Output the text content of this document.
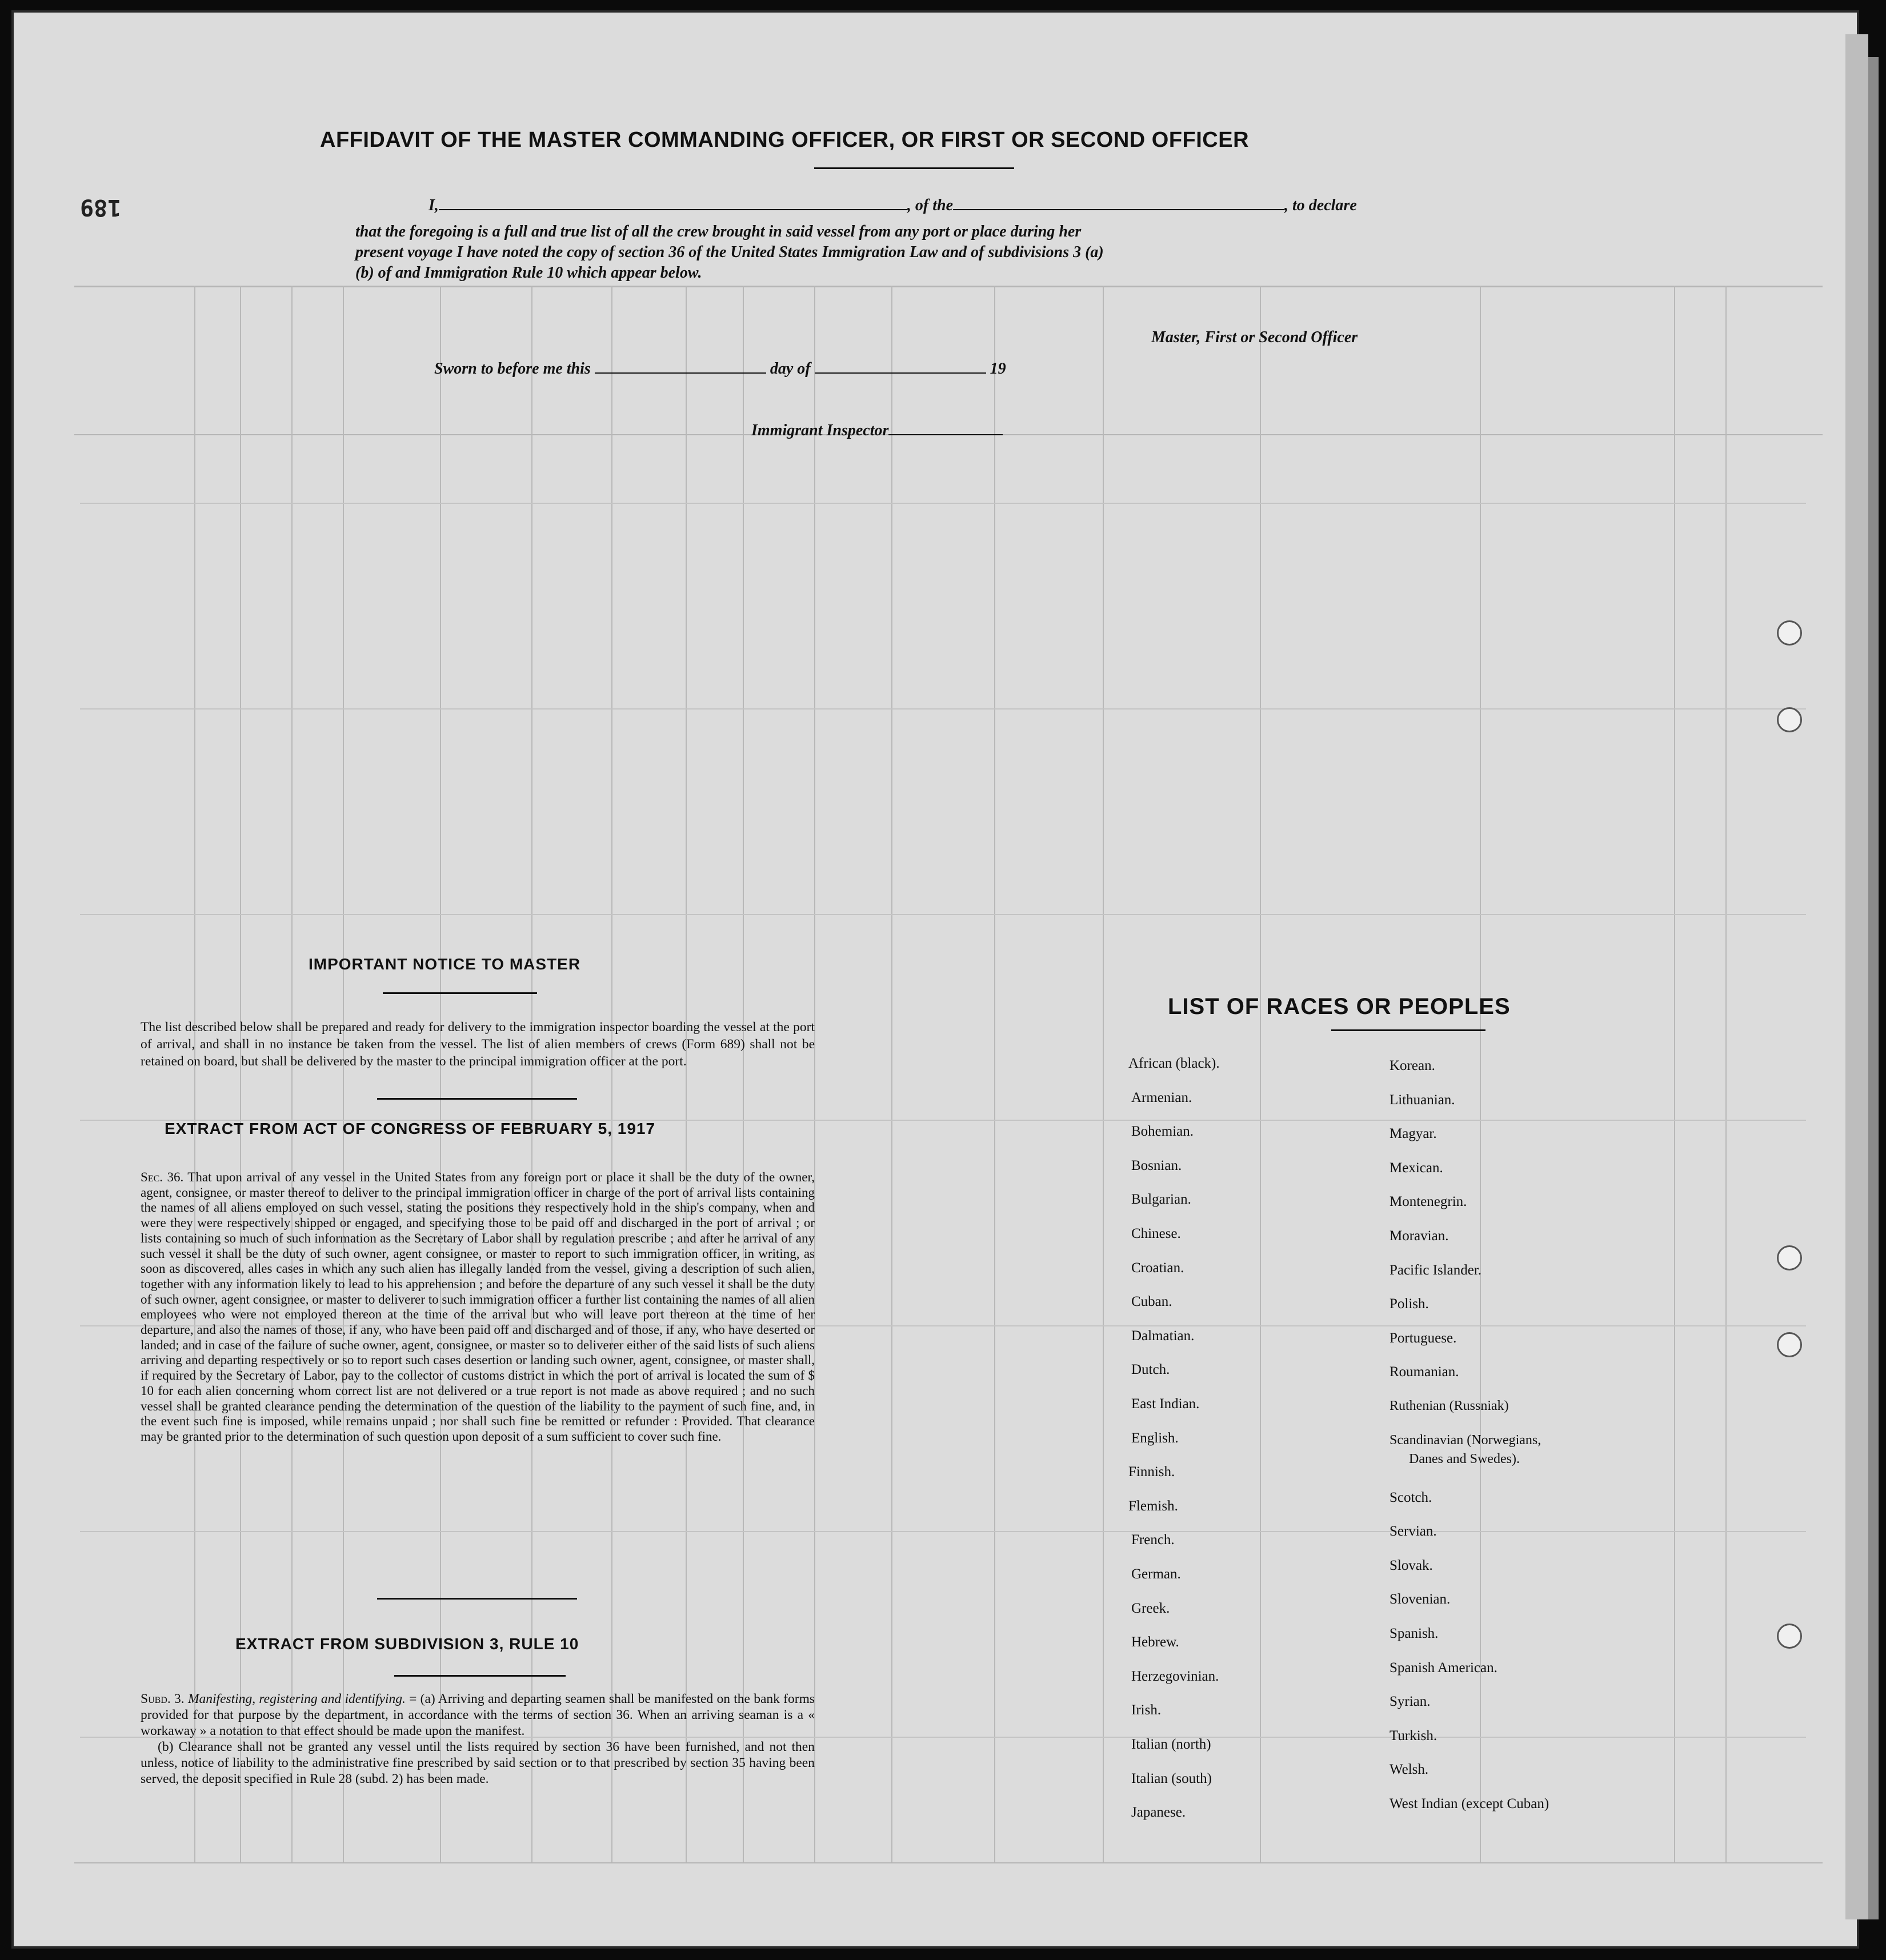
189
AFFIDAVIT OF THE MASTER COMMANDING OFFICER, OR FIRST OR SECOND OFFICER
I,	, of the	, to declare
that the foregoing is a full and true list of all the crew brought in said vessel from any port or place during her
present voyage I have noted the copy of section 36 of the United States Immigration Law and of subdivisions 3 (a)
(b) of and Immigration Rule 10 which appear below.
Master, First or Second Officer
Sworn to before me this	day of	19
Immigrant Inspector
IMPORTANT NOTICE TO MASTER
The list described below shall be prepared and ready for delivery to the immigration inspector boarding the vessel at the port of arrival, and shall in no instance be taken from the vessel. The list of alien members of crews (Form 689) shall not be retained on board, but shall be delivered by the master to the principal immigration officer at the port.
EXTRACT FROM ACT OF CONGRESS OF FEBRUARY 5, 1917

Sec. 36. That upon arrival of any vessel in the United States from any foreign port or place it shall be the duty of the owner, agent, consignee, or master thereof to deliver to the principal immigration officer in charge of the port of arrival lists containing the names of all aliens employed on such vessel, stating the positions they respectively hold in the ship's company, when and were they were respectively shipped or engaged, and specifying those to be paid off and discharged in the port of arrival ; or lists containing so much of such information as the Secretary of Labor shall by regulation prescribe ; and after he arrival of any such vessel it shall be the duty of such owner, agent consignee, or master to report to such immigration officer, in writing, as soon as discovered, alles cases in which any such alien has illegally landed from the vessel, giving a description of such alien, together with any information likely to lead to his apprehension ; and before the departure of any such vessel it shall be the duty of such owner, agent consignee, or master to deliverer to such immigration officer a further list containing the names of all alien employees who were not employed thereon at the time of the arrival but who will leave port thereon at the time of her departure, and also the names of those, if any, who have been paid off and discharged and of those, if any, who have deserted or landed; and in case of the failure of suche owner, agent, consignee, or master so to deliverer either of the said lists of such aliens arriving and departing respectively or so to report such cases desertion or landing such owner, agent, consignee, or master shall, if required by the Secretary of Labor, pay to the collector of customs district in which the port of arrival is located the sum of $ 10 for each alien concerning whom correct list are not delivered or a true report is not made as above required ; and no such vessel shall be granted clearance pending the determination of the question of the liability to the payment of such fine, and, in the event such fine is imposed, while remains unpaid ; nor shall such fine be remitted or refunder : Provided. That clearance may be granted prior to the determination of such question upon deposit of a sum sufficient to cover such fine.

EXTRACT FROM SUBDIVISION 3, RULE 10

Subd. 3. Manifesting, registering and identifying. = (a) Arriving and departing seamen shall be manifested on the bank forms provided for that purpose by the department, in accordance with the terms of section 36. When an arriving seaman is a « workaway » a notation to that effect should be made upon the manifest.

(b) Clearance shall not be granted any vessel until the lists required by section 36 have been furnished, and not then unless, notice of liability to the administrative fine prescribed by said section or to that prescribed by section 35 having been served, the deposit specified in Rule 28 (subd. 2) has been made.

LIST OF RACES OR PEOPLES
African (black).
Armenian.
Bohemian.
Bosnian.
Bulgarian.
Chinese.
Croatian.
Cuban.
Dalmatian.
Dutch.
East Indian.
English.
Finnish.
Flemish.
French.
German.
Greek.
Hebrew.
Herzegovinian.
Irish.
Italian (north)
Italian (south)
Japanese.
Korean.
Lithuanian.
Magyar.
Mexican.
Montenegrin.
Moravian.
Pacific Islander.
Polish.
Portuguese.
Roumanian.
Ruthenian (Russniak)
Scandinavian (Norwegians,
Danes and Swedes).
Scotch.
Servian.
Slovak.
Slovenian.
Spanish.
Spanish American.
Syrian.
Turkish.
Welsh.
West Indian (except Cuban)
